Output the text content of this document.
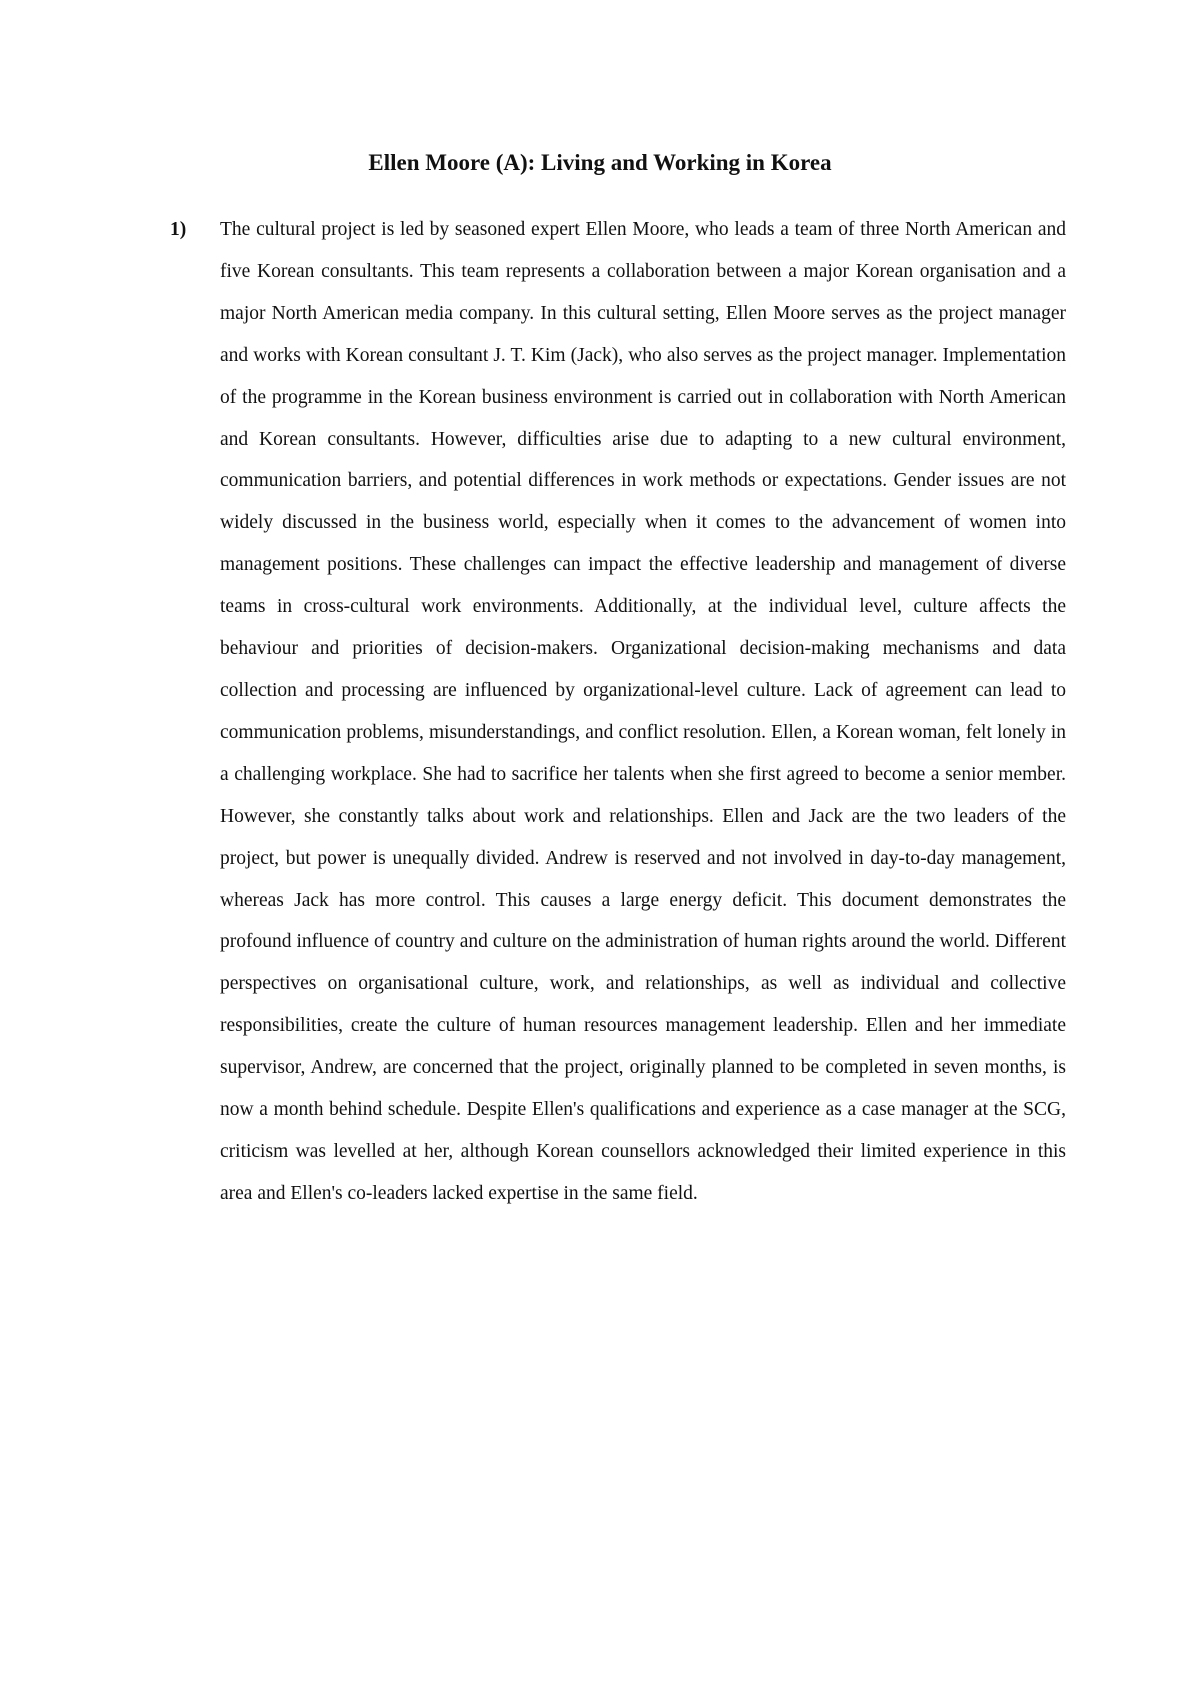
Ellen Moore (A): Living and Working in Korea
1) The cultural project is led by seasoned expert Ellen Moore, who leads a team of three North American and five Korean consultants. This team represents a collaboration between a major Korean organisation and a major North American media company. In this cultural setting, Ellen Moore serves as the project manager and works with Korean consultant J. T. Kim (Jack), who also serves as the project manager. Implementation of the programme in the Korean business environment is carried out in collaboration with North American and Korean consultants. However, difficulties arise due to adapting to a new cultural environment, communication barriers, and potential differences in work methods or expectations. Gender issues are not widely discussed in the business world, especially when it comes to the advancement of women into management positions. These challenges can impact the effective leadership and management of diverse teams in cross-cultural work environments. Additionally, at the individual level, culture affects the behaviour and priorities of decision-makers. Organizational decision-making mechanisms and data collection and processing are influenced by organizational-level culture. Lack of agreement can lead to communication problems, misunderstandings, and conflict resolution. Ellen, a Korean woman, felt lonely in a challenging workplace. She had to sacrifice her talents when she first agreed to become a senior member. However, she constantly talks about work and relationships. Ellen and Jack are the two leaders of the project, but power is unequally divided. Andrew is reserved and not involved in day-to-day management, whereas Jack has more control. This causes a large energy deficit. This document demonstrates the profound influence of country and culture on the administration of human rights around the world. Different perspectives on organisational culture, work, and relationships, as well as individual and collective responsibilities, create the culture of human resources management leadership. Ellen and her immediate supervisor, Andrew, are concerned that the project, originally planned to be completed in seven months, is now a month behind schedule. Despite Ellen's qualifications and experience as a case manager at the SCG, criticism was levelled at her, although Korean counsellors acknowledged their limited experience in this area and Ellen's co-leaders lacked expertise in the same field.
